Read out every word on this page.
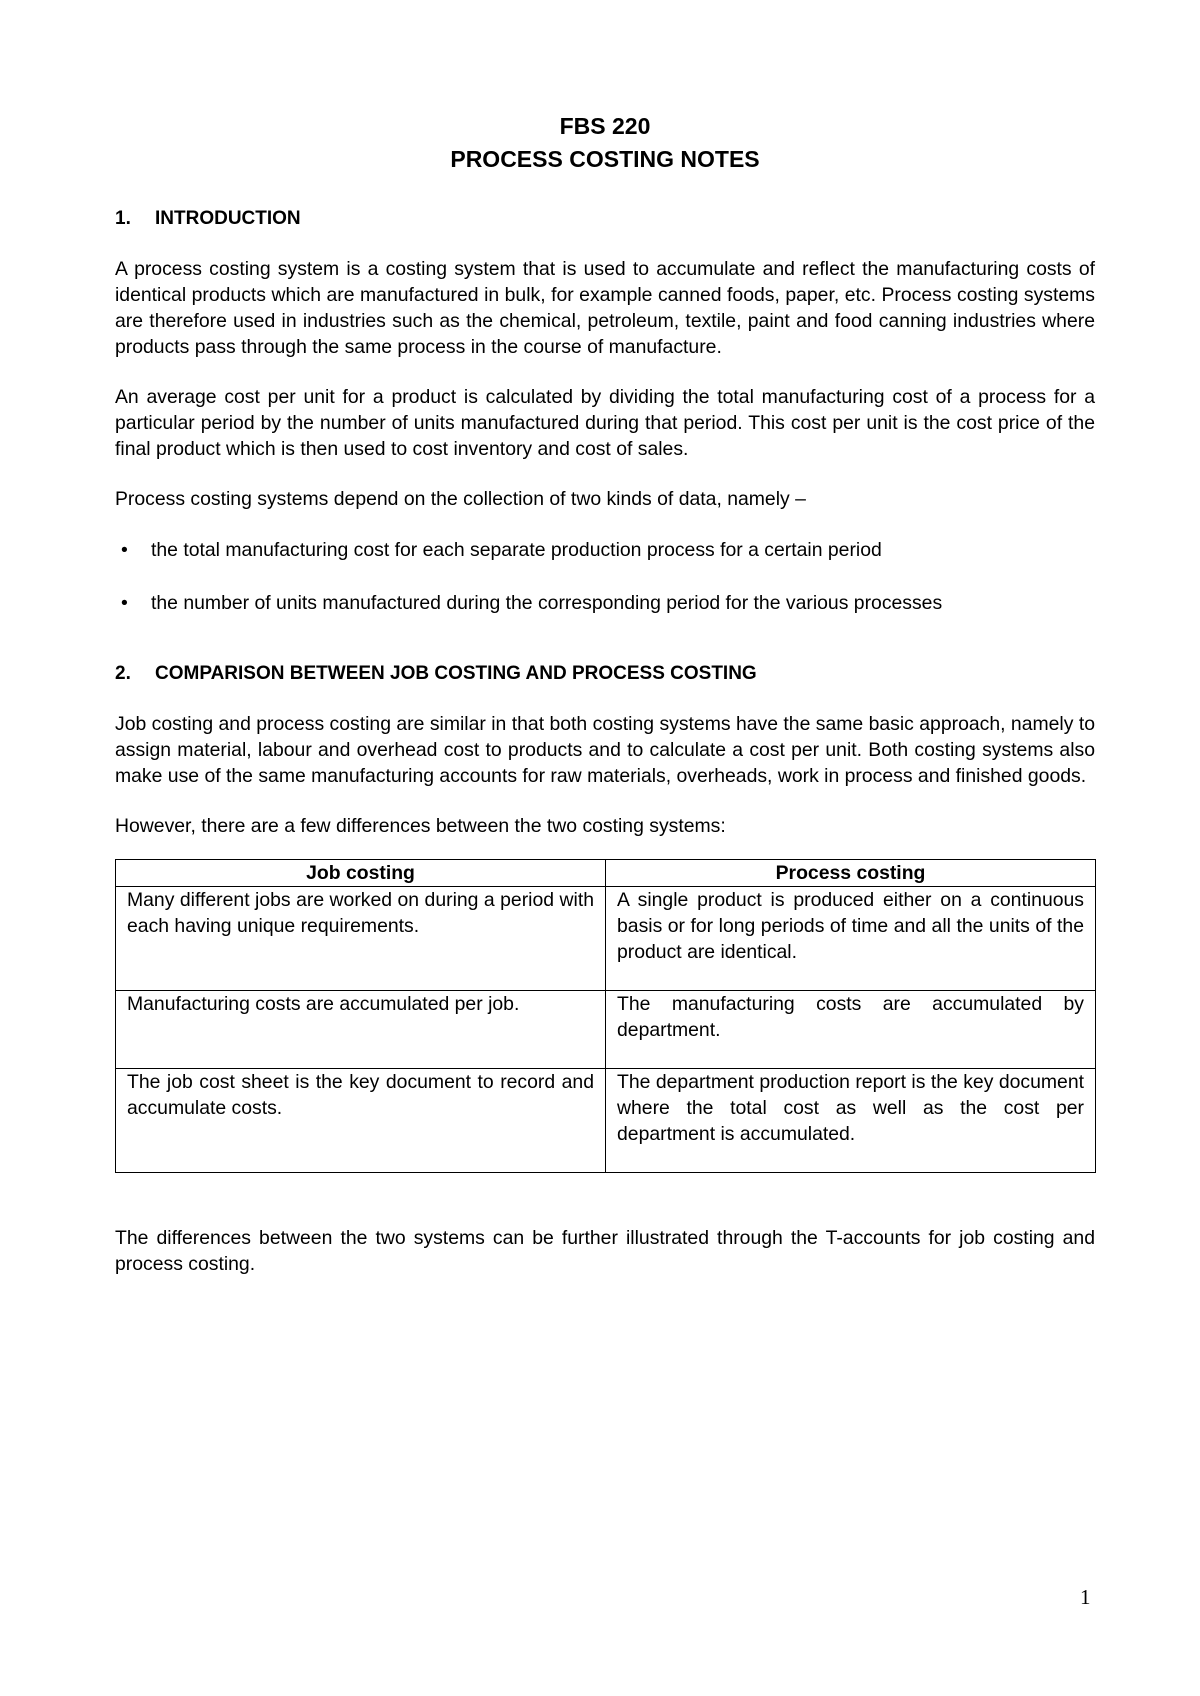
FBS 220

PROCESS COSTING NOTES

1.	INTRODUCTION

A process costing system is a costing system that is used to accumulate and reflect the manufacturing costs of identical products which are manufactured in bulk, for example canned foods, paper, etc. Process costing systems are therefore used in industries such as the chemical, petroleum, textile, paint and food canning industries where products pass through the same process in the course of manufacture.

An average cost per unit for a product is calculated by dividing the total manufacturing cost of a process for a particular period by the number of units manufactured during that period. This cost per unit is the cost price of the final product which is then used to cost inventory and cost of sales.

Process costing systems depend on the collection of two kinds of data, namely –

•	the total manufacturing cost for each separate production process for a certain period
•	the number of units manufactured during the corresponding period for the various processes
2.	COMPARISON BETWEEN JOB COSTING AND PROCESS COSTING

Job costing and process costing are similar in that both costing systems have the same basic approach, namely to assign material, labour and overhead cost to products and to calculate a cost per unit. Both costing systems also make use of the same manufacturing accounts for raw materials, overheads, work in process and finished goods.

However, there are a few differences between the two costing systems:

Job costing	Process costing
Many different jobs are worked on during a period with each having unique requirements.	A single product is produced either on a continuous basis or for long periods of time and all the units of the product are identical.
Manufacturing costs are accumulated per job.	The manufacturing costs are accumulated by department.
The job cost sheet is the key document to record and accumulate costs.	The department production report is the key document where the total cost as well as the cost per department is accumulated.

The differences between the two systems can be further illustrated through the T-accounts for job costing and process costing.

1
